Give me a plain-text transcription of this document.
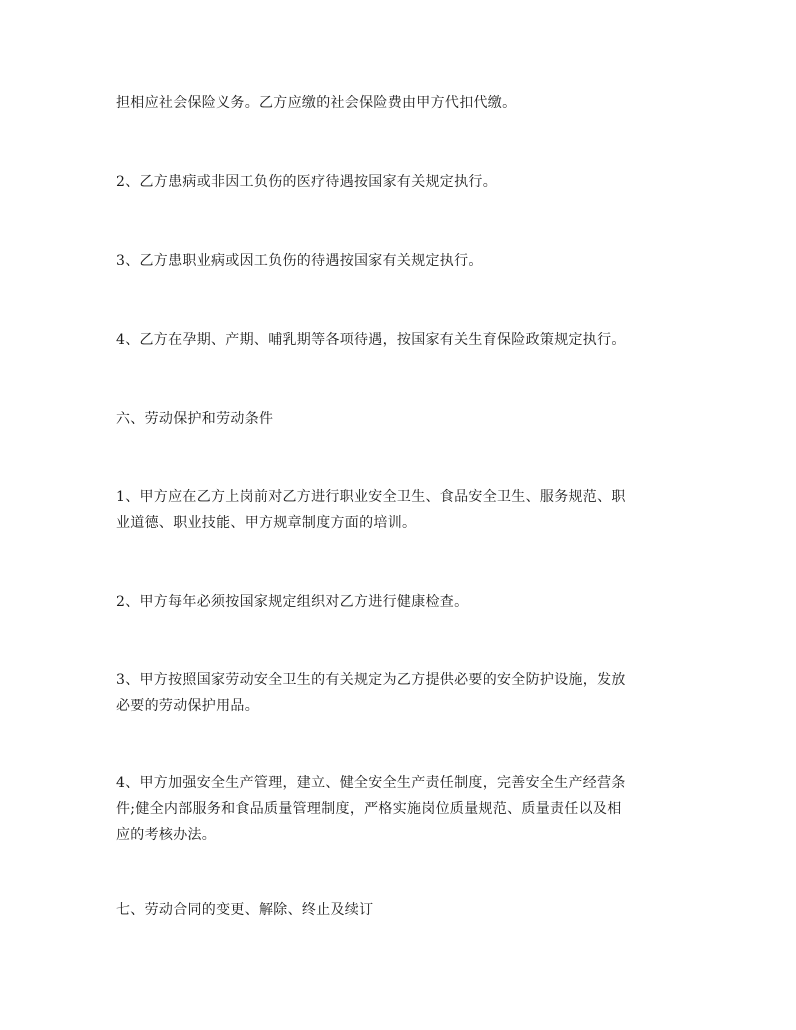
担相应社会保险义务。乙方应缴的社会保险费由甲方代扣代缴。
2、乙方患病或非因工负伤的医疗待遇按国家有关规定执行。
3、乙方患职业病或因工负伤的待遇按国家有关规定执行。
4、乙方在孕期、产期、哺乳期等各项待遇，按国家有关生育保险政策规定执行。
六、劳动保护和劳动条件
1、甲方应在乙方上岗前对乙方进行职业安全卫生、食品安全卫生、服务规范、职
业道德、职业技能、甲方规章制度方面的培训。
2、甲方每年必须按国家规定组织对乙方进行健康检查。
3、甲方按照国家劳动安全卫生的有关规定为乙方提供必要的安全防护设施，发放
必要的劳动保护用品。
4、甲方加强安全生产管理，建立、健全安全生产责任制度，完善安全生产经营条
件;健全内部服务和食品质量管理制度，严格实施岗位质量规范、质量责任以及相
应的考核办法。
七、劳动合同的变更、解除、终止及续订
